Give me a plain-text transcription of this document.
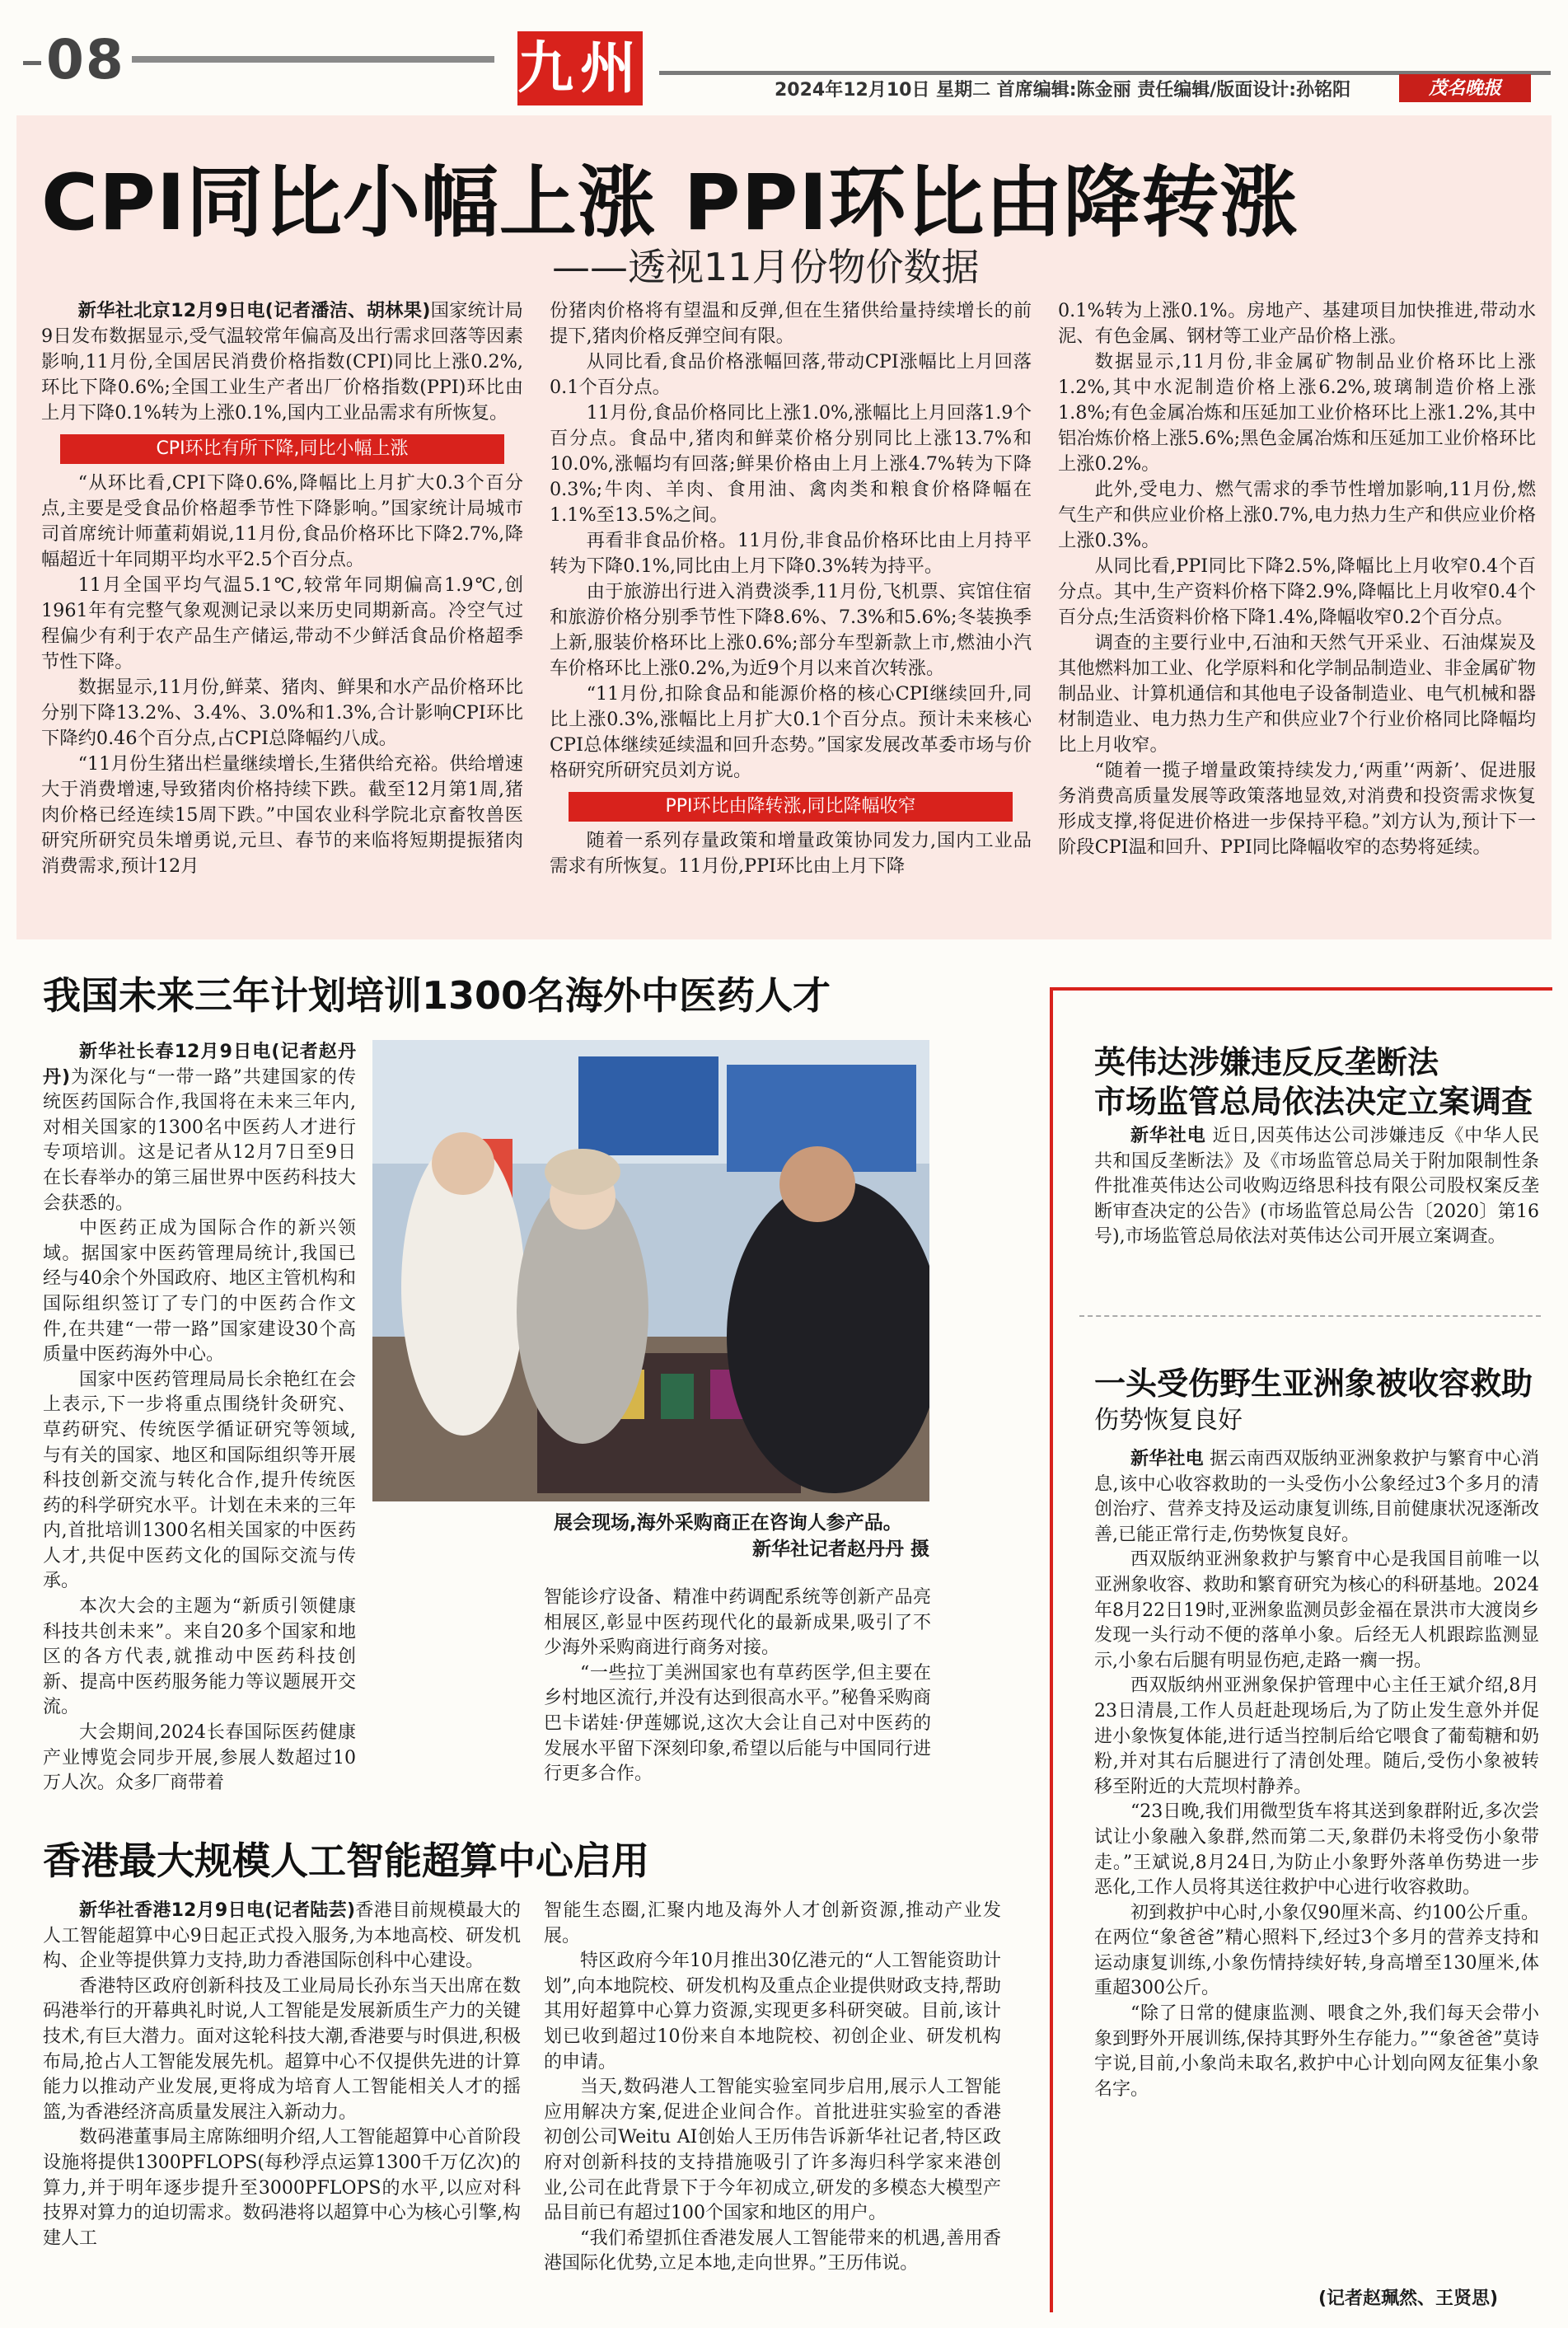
08	九州	2024年12月10日 星期二 首席编辑:陈金丽 责任编辑/版面设计:孙铭阳	茂名晚报
CPI同比小幅上涨 PPI环比由降转涨
——透视11月份物价数据

新华社北京12月9日电(记者潘洁、胡林果)国家统计局9日发布数据显示,受气温较常年偏高及出行需求回落等因素影响,11月份,全国居民消费价格指数(CPI)同比上涨0.2%,环比下降0.6%;全国工业生产者出厂价格指数(PPI)环比由上月下降0.1%转为上涨0.1%,国内工业品需求有所恢复。

CPI环比有所下降,同比小幅上涨

“从环比看,CPI下降0.6%,降幅比上月扩大0.3个百分点,主要是受食品价格超季节性下降影响。”国家统计局城市司首席统计师董莉娟说,11月份,食品价格环比下降2.7%,降幅超近十年同期平均水平2.5个百分点。

11月全国平均气温5.1℃,较常年同期偏高1.9℃,创1961年有完整气象观测记录以来历史同期新高。冷空气过程偏少有利于农产品生产储运,带动不少鲜活食品价格超季节性下降。

数据显示,11月份,鲜菜、猪肉、鲜果和水产品价格环比分别下降13.2%、3.4%、3.0%和1.3%,合计影响CPI环比下降约0.46个百分点,占CPI总降幅约八成。

“11月份生猪出栏量继续增长,生猪供给充裕。供给增速大于消费增速,导致猪肉价格持续下跌。截至12月第1周,猪肉价格已经连续15周下跌。”中国农业科学院北京畜牧兽医研究所研究员朱增勇说,元旦、春节的来临将短期提振猪肉消费需求,预计12月

份猪肉价格将有望温和反弹,但在生猪供给量持续增长的前提下,猪肉价格反弹空间有限。

从同比看,食品价格涨幅回落,带动CPI涨幅比上月回落0.1个百分点。

11月份,食品价格同比上涨1.0%,涨幅比上月回落1.9个百分点。食品中,猪肉和鲜菜价格分别同比上涨13.7%和10.0%,涨幅均有回落;鲜果价格由上月上涨4.7%转为下降0.3%;牛肉、羊肉、食用油、禽肉类和粮食价格降幅在1.1%至13.5%之间。

再看非食品价格。11月份,非食品价格环比由上月持平转为下降0.1%,同比由上月下降0.3%转为持平。

由于旅游出行进入消费淡季,11月份,飞机票、宾馆住宿和旅游价格分别季节性下降8.6%、7.3%和5.6%;冬装换季上新,服装价格环比上涨0.6%;部分车型新款上市,燃油小汽车价格环比上涨0.2%,为近9个月以来首次转涨。

“11月份,扣除食品和能源价格的核心CPI继续回升,同比上涨0.3%,涨幅比上月扩大0.1个百分点。预计未来核心CPI总体继续延续温和回升态势。”国家发展改革委市场与价格研究所研究员刘方说。

PPI环比由降转涨,同比降幅收窄

随着一系列存量政策和增量政策协同发力,国内工业品需求有所恢复。11月份,PPI环比由上月下降

0.1%转为上涨0.1%。房地产、基建项目加快推进,带动水泥、有色金属、钢材等工业产品价格上涨。

数据显示,11月份,非金属矿物制品业价格环比上涨1.2%,其中水泥制造价格上涨6.2%,玻璃制造价格上涨1.8%;有色金属冶炼和压延加工业价格环比上涨1.2%,其中铝冶炼价格上涨5.6%;黑色金属冶炼和压延加工业价格环比上涨0.2%。

此外,受电力、燃气需求的季节性增加影响,11月份,燃气生产和供应业价格上涨0.7%,电力热力生产和供应业价格上涨0.3%。

从同比看,PPI同比下降2.5%,降幅比上月收窄0.4个百分点。其中,生产资料价格下降2.9%,降幅比上月收窄0.4个百分点;生活资料价格下降1.4%,降幅收窄0.2个百分点。

调查的主要行业中,石油和天然气开采业、石油煤炭及其他燃料加工业、化学原料和化学制品制造业、非金属矿物制品业、计算机通信和其他电子设备制造业、电气机械和器材制造业、电力热力生产和供应业7个行业价格同比降幅均比上月收窄。

“随着一揽子增量政策持续发力,‘两重’‘两新’、促进服务消费高质量发展等政策落地显效,对消费和投资需求恢复形成支撑,将促进价格进一步保持平稳。”刘方认为,预计下一阶段CPI温和回升、PPI同比降幅收窄的态势将延续。

我国未来三年计划培训1300名海外中医药人才

新华社长春12月9日电(记者赵丹丹)为深化与“一带一路”共建国家的传统医药国际合作,我国将在未来三年内,对相关国家的1300名中医药人才进行专项培训。这是记者从12月7日至9日在长春举办的第三届世界中医药科技大会获悉的。

中医药正成为国际合作的新兴领域。据国家中医药管理局统计,我国已经与40余个外国政府、地区主管机构和国际组织签订了专门的中医药合作文件,在共建“一带一路”国家建设30个高质量中医药海外中心。

国家中医药管理局局长余艳红在会上表示,下一步将重点围绕针灸研究、草药研究、传统医学循证研究等领域,与有关的国家、地区和国际组织等开展科技创新交流与转化合作,提升传统医药的科学研究水平。计划在未来的三年内,首批培训1300名相关国家的中医药人才,共促中医药文化的国际交流与传承。

本次大会的主题为“新质引领健康 科技共创未来”。来自20多个国家和地区的各方代表,就推动中医药科技创新、提高中医药服务能力等议题展开交流。

大会期间,2024长春国际医药健康产业博览会同步开展,参展人数超过10万人次。众多厂商带着

展会现场,海外采购商正在咨询人参产品。
新华社记者赵丹丹 摄

智能诊疗设备、精准中药调配系统等创新产品亮相展区,彰显中医药现代化的最新成果,吸引了不少海外采购商进行商务对接。

“一些拉丁美洲国家也有草药医学,但主要在乡村地区流行,并没有达到很高水平。”秘鲁采购商巴卡诺娃·伊莲娜说,这次大会让自己对中医药的发展水平留下深刻印象,希望以后能与中国同行进行更多合作。

香港最大规模人工智能超算中心启用

新华社香港12月9日电(记者陆芸)香港目前规模最大的人工智能超算中心9日起正式投入服务,为本地高校、研发机构、企业等提供算力支持,助力香港国际创科中心建设。

香港特区政府创新科技及工业局局长孙东当天出席在数码港举行的开幕典礼时说,人工智能是发展新质生产力的关键技术,有巨大潜力。面对这轮科技大潮,香港要与时俱进,积极布局,抢占人工智能发展先机。超算中心不仅提供先进的计算能力以推动产业发展,更将成为培育人工智能相关人才的摇篮,为香港经济高质量发展注入新动力。

数码港董事局主席陈细明介绍,人工智能超算中心首阶段设施将提供1300PFLOPS(每秒浮点运算1300千万亿次)的算力,并于明年逐步提升至3000PFLOPS的水平,以应对科技界对算力的迫切需求。数码港将以超算中心为核心引擎,构建人工

智能生态圈,汇聚内地及海外人才创新资源,推动产业发展。

特区政府今年10月推出30亿港元的“人工智能资助计划”,向本地院校、研发机构及重点企业提供财政支持,帮助其用好超算中心算力资源,实现更多科研突破。目前,该计划已收到超过10份来自本地院校、初创企业、研发机构的申请。

当天,数码港人工智能实验室同步启用,展示人工智能应用解决方案,促进企业间合作。首批进驻实验室的香港初创公司Weitu AI创始人王历伟告诉新华社记者,特区政府对创新科技的支持措施吸引了许多海归科学家来港创业,公司在此背景下于今年初成立,研发的多模态大模型产品目前已有超过100个国家和地区的用户。

“我们希望抓住香港发展人工智能带来的机遇,善用香港国际化优势,立足本地,走向世界。”王历伟说。

英伟达涉嫌违反反垄断法
市场监管总局依法决定立案调查

新华社电 近日,因英伟达公司涉嫌违反《中华人民共和国反垄断法》及《市场监管总局关于附加限制性条件批准英伟达公司收购迈络思科技有限公司股权案反垄断审查决定的公告》(市场监管总局公告〔2020〕第16号),市场监管总局依法对英伟达公司开展立案调查。

一头受伤野生亚洲象被收容救助
伤势恢复良好

新华社电 据云南西双版纳亚洲象救护与繁育中心消息,该中心收容救助的一头受伤小公象经过3个多月的清创治疗、营养支持及运动康复训练,目前健康状况逐渐改善,已能正常行走,伤势恢复良好。

西双版纳亚洲象救护与繁育中心是我国目前唯一以亚洲象收容、救助和繁育研究为核心的科研基地。2024年8月22日19时,亚洲象监测员彭金福在景洪市大渡岗乡发现一头行动不便的落单小象。后经无人机跟踪监测显示,小象右后腿有明显伤疤,走路一瘸一拐。

西双版纳州亚洲象保护管理中心主任王斌介绍,8月23日清晨,工作人员赶赴现场后,为了防止发生意外并促进小象恢复体能,进行适当控制后给它喂食了葡萄糖和奶粉,并对其右后腿进行了清创处理。随后,受伤小象被转移至附近的大荒坝村静养。

“23日晚,我们用微型货车将其送到象群附近,多次尝试让小象融入象群,然而第二天,象群仍未将受伤小象带走。”王斌说,8月24日,为防止小象野外落单伤势进一步恶化,工作人员将其送往救护中心进行收容救助。

初到救护中心时,小象仅90厘米高、约100公斤重。在两位“象爸爸”精心照料下,经过3个多月的营养支持和运动康复训练,小象伤情持续好转,身高增至130厘米,体重超300公斤。

“除了日常的健康监测、喂食之外,我们每天会带小象到野外开展训练,保持其野外生存能力。”“象爸爸”莫诗宇说,目前,小象尚未取名,救护中心计划向网友征集小象名字。

(记者赵珮然、王贤思)
